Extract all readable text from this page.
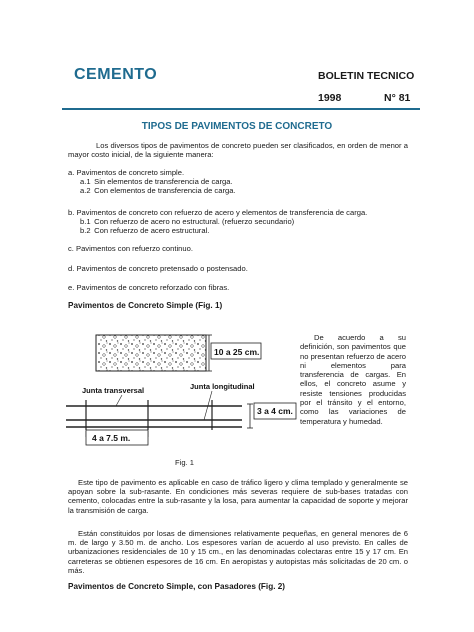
CEMENTO	BOLETIN TECNICO
1998	N° 81
TIPOS DE PAVIMENTOS DE CONCRETO
Los diversos tipos de pavimentos de concreto pueden ser clasificados, en orden de menor a mayor costo inicial, de la siguiente manera:
a. Pavimentos de concreto simple.
a.1 Sin elementos de transferencia de carga.
a.2 Con elementos de transferencia de carga.
b. Pavimentos de concreto con refuerzo de acero y elementos de transferencia de carga.
b.1 Con refuerzo de acero no estructural. (refuerzo secundario)
b.2 Con refuerzo de acero estructural.
c. Pavimentos con refuerzo continuo.
d. Pavimentos de concreto pretensado o postensado.
e. Pavimentos de concreto reforzado con fibras.
Pavimentos de Concreto Simple (Fig. 1)
10 a 25 cm.
Junta transversal	Junta longitudinal
3 a 4 cm.
4 a 7.5 m.
De acuerdo a su definición, son pavimentos que no presentan refuerzo de acero ni elementos para transferencia de cargas. En ellos, el concreto asume y resiste tensiones producidas por el tránsito y el entorno, como las variaciones de temperatura y humedad.
Fig. 1
Este tipo de pavimento es aplicable en caso de tráfico ligero y clima templado y generalmente se apoyan sobre la sub-rasante. En condiciones más severas requiere de sub-bases tratadas con cemento, colocadas entre la sub-rasante y la losa, para aumentar la capacidad de soporte y mejorar la transmisión de carga.
Están constituidos por losas de dimensiones relativamente pequeñas, en general menores de 6 m. de largo y 3.50 m. de ancho. Los espesores varían de acuerdo al uso previsto. En calles de urbanizaciones residenciales de 10 y 15 cm., en las denominadas colectaras entre 15 y 17 cm. En carreteras se obtienen espesores de 16 cm. En aeropistas y autopistas más solicitadas de 20 cm. o más.
Pavimentos de Concreto Simple, con Pasadores (Fig. 2)
